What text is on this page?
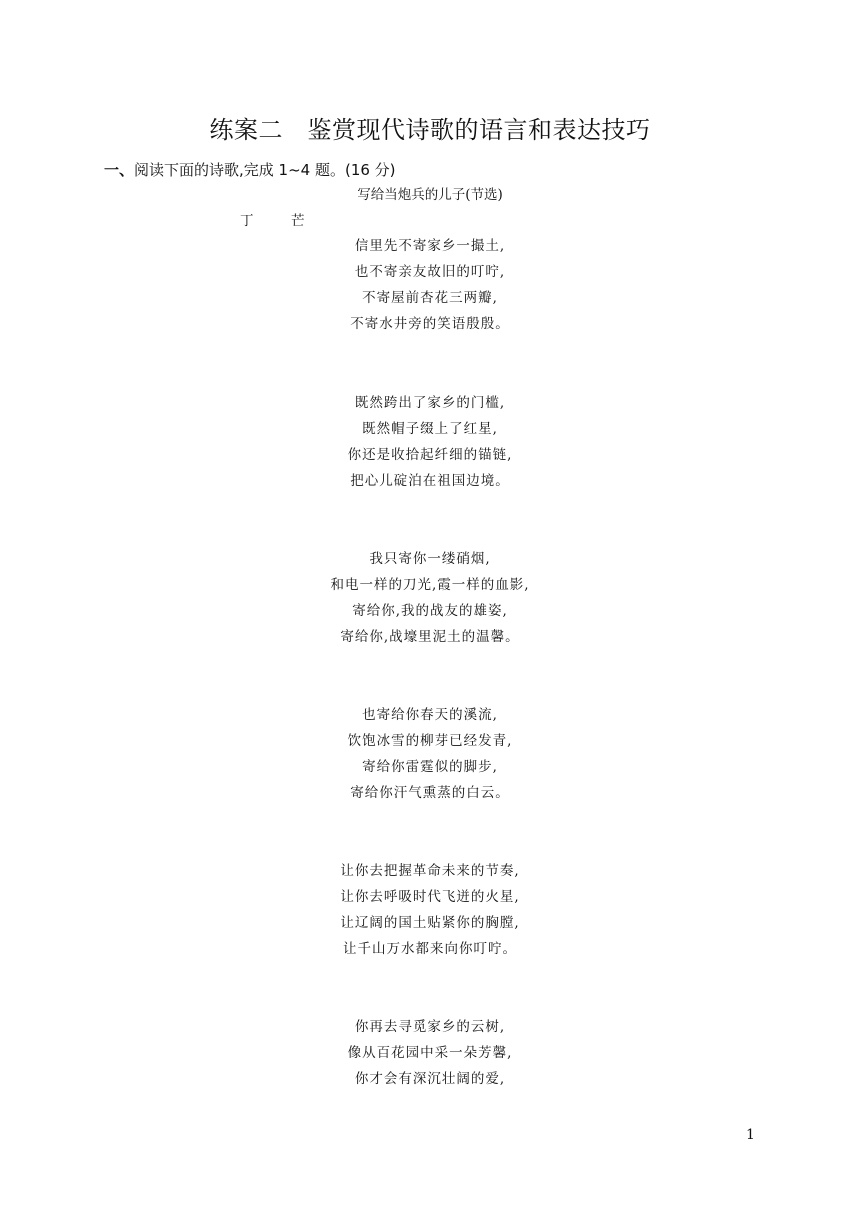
练案二　鉴赏现代诗歌的语言和表达技巧
一、阅读下面的诗歌,完成 1~4 题。(16 分)
写给当炮兵的儿子(节选)
丁　芒
信里先不寄家乡一撮土,
也不寄亲友故旧的叮咛,
不寄屋前杏花三两瓣,
不寄水井旁的笑语殷殷。
既然跨出了家乡的门槛,
既然帽子缀上了红星,
你还是收拾起纤细的锚链,
把心儿碇泊在祖国边境。
我只寄你一缕硝烟,
和电一样的刀光,霞一样的血影,
寄给你,我的战友的雄姿,
寄给你,战壕里泥土的温馨。
也寄给你春天的溪流,
饮饱冰雪的柳芽已经发青,
寄给你雷霆似的脚步,
寄给你汗气熏蒸的白云。
让你去把握革命未来的节奏,
让你去呼吸时代飞迸的火星,
让辽阔的国土贴紧你的胸膛,
让千山万水都来向你叮咛。
你再去寻觅家乡的云树,
像从百花园中采一朵芳馨,
你才会有深沉壮阔的爱,
1
